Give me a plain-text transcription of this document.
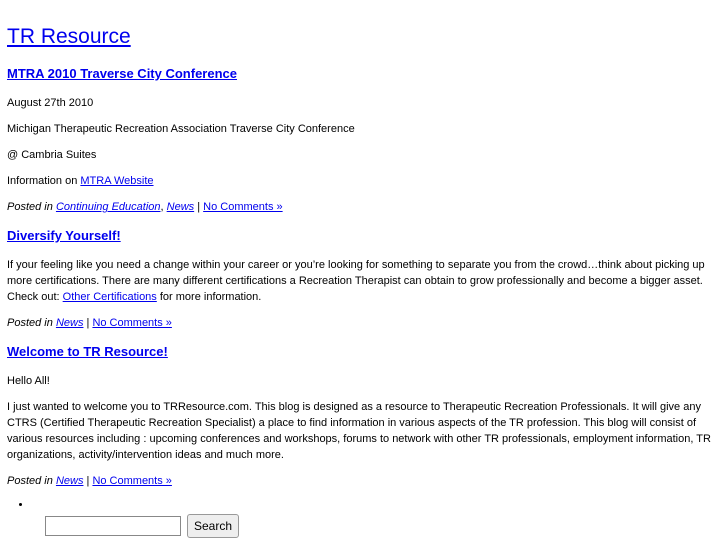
TR Resource
MTRA 2010 Traverse City Conference

August 27th 2010

Michigan Therapeutic Recreation Association Traverse City Conference

@ Cambria Suites

Information on MTRA Website

Posted in Continuing Education, News | No Comments »

Diversify Yourself!

If your feeling like you need a change within your career or you’re looking for something to separate you from the crowd…think about picking up more certifications. There are many different certifications a Recreation Therapist can obtain to grow professionally and become a bigger asset. Check out: Other Certifications for more information.

Posted in News | No Comments »

Welcome to TR Resource!

Hello All!

I just wanted to welcome you to TRResource.com. This blog is designed as a resource to Therapeutic Recreation Professionals. It will give any CTRS (Certified Therapeutic Recreation Specialist) a place to find information in various aspects of the TR profession. This blog will consist of various resources including : upcoming conferences and workshops, forums to network with other TR professionals, employment information, TR organizations, activity/intervention ideas and much more.

Posted in News | No Comments »

•
Search
